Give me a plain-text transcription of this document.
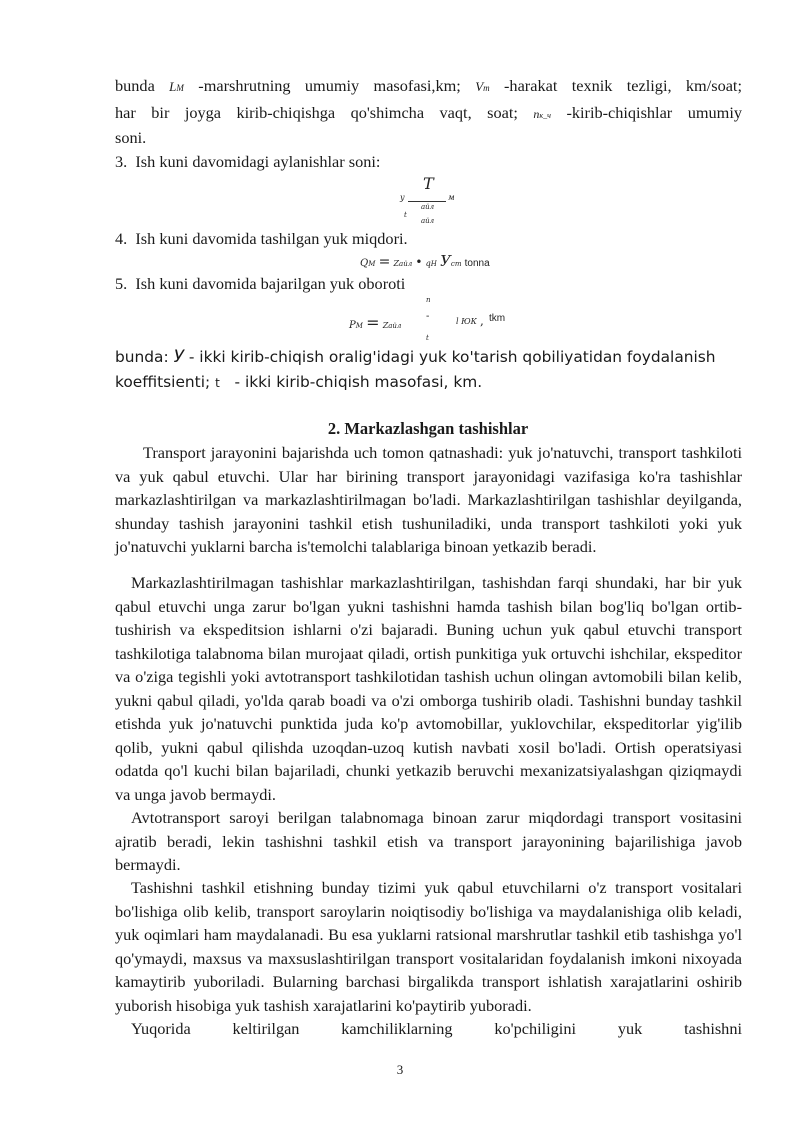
bunda LM -marshrutning umumiy masofasi,km; Vт -harakat texnik tezligi, km/soat;

har bir joyga kirib-chiqishga qo'shimcha vaqt, soat; nк_ч -kirib-chiqishlar umumiy

soni.
3. Ish kuni davomidagi aylanishlar soni:
T
у	м
айл
t
айл
4. Ish kuni davomida tashilgan yuk miqdori.
QM = Zайл • qH Уст tonna
5. Ish kuni davomida bajarilgan yuk oboroti
n
PM = Zайл
-	l ЮК , tkm
t
bunda: У - ikki kirib-chiqish oralig'idagi yuk ko'tarish qobiliyatidan foydalanish
koeffitsienti; t - ikki kirib-chiqish masofasi, km.
2. Markazlashgan tashishlar

Transport jarayonini bajarishda uch tomon qatnashadi: yuk jo'natuvchi, transport tashkiloti va yuk qabul etuvchi. Ular har birining transport jarayonidagi vazifasiga ko'ra tashishlar markazlashtirilgan va markazlashtirilmagan bo'ladi. Markazlashtirilgan tashishlar deyilganda, shunday tashish jarayonini tashkil etish tushuniladiki, unda transport tashkiloti yoki yuk jo'natuvchi yuklarni barcha is'temolchi talablariga binoan yetkazib beradi.

Markazlashtirilmagan tashishlar markazlashtirilgan, tashishdan farqi shundaki, har bir yuk qabul etuvchi unga zarur bo'lgan yukni tashishni hamda tashish bilan bog'liq bo'lgan ortib-tushirish va ekspeditsion ishlarni o'zi bajaradi. Buning uchun yuk qabul etuvchi transport tashkilotiga talabnoma bilan murojaat qiladi, ortish punkitiga yuk ortuvchi ishchilar, ekspeditor va o'ziga tegishli yoki avtotransport tashkilotidan tashish uchun olingan avtomobili bilan kelib, yukni qabul qiladi, yo'lda qarab boadi va o'zi omborga tushirib oladi. Tashishni bunday tashkil etishda yuk jo'natuvchi punktida juda ko'p avtomobillar, yuklovchilar, ekspeditorlar yig'ilib qolib, yukni qabul qilishda uzoqdan-uzoq kutish navbati xosil bo'ladi. Ortish operatsiyasi odatda qo'l kuchi bilan bajariladi, chunki yetkazib beruvchi mexanizatsiyalashgan qiziqmaydi va unga javob bermaydi.

Avtotransport saroyi berilgan talabnomaga binoan zarur miqdordagi transport vositasini ajratib beradi, lekin tashishni tashkil etish va transport jarayonining bajarilishiga javob bermaydi.

Tashishni tashkil etishning bunday tizimi yuk qabul etuvchilarni o'z transport vositalari bo'lishiga olib kelib, transport saroylarin noiqtisodiy bo'lishiga va maydalanishiga olib keladi, yuk oqimlari ham maydalanadi. Bu esa yuklarni ratsional marshrutlar tashkil etib tashishga yo'l qo'ymaydi, maxsus va maxsuslashtirilgan transport vositalaridan foydalanish imkoni nixoyada kamaytirib yuboriladi. Bularning barchasi birgalikda transport ishlatish xarajatlarini oshirib yuborish hisobiga yuk tashish xarajatlarini ko'paytirib yuboradi.

Yuqorida keltirilgan kamchiliklarning ko'pchiligini yuk tashishni

3
